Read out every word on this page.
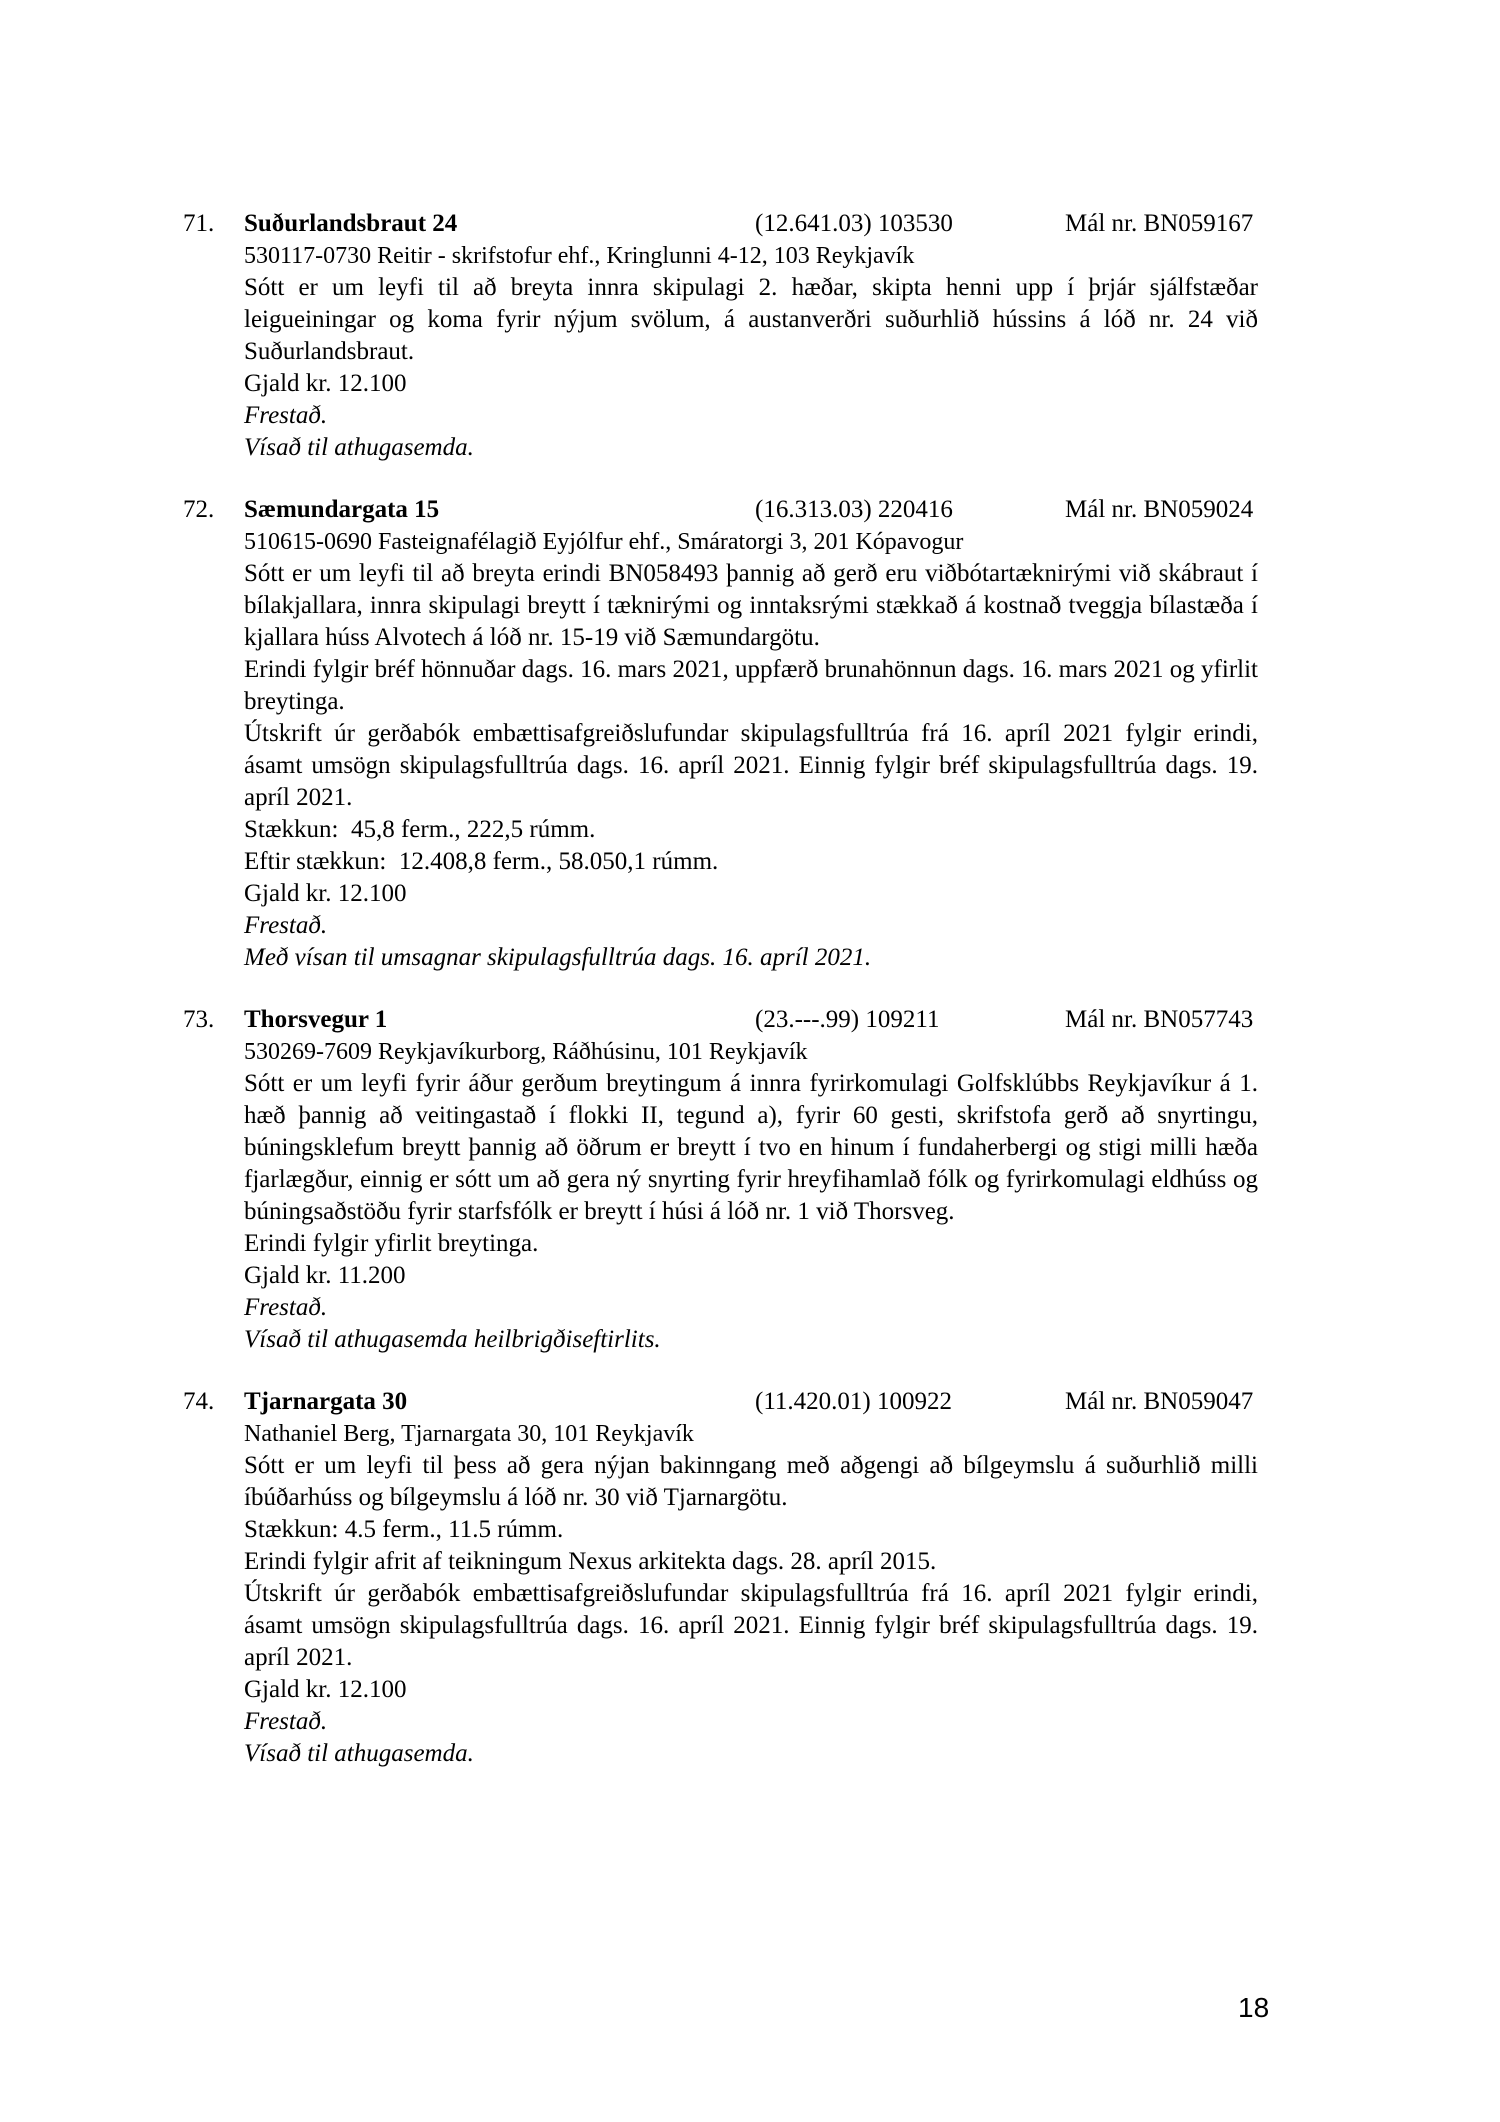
71.	Suðurlandsbraut 24	(12.641.03) 103530	Mál nr. BN059167
530117-0730 Reitir - skrifstofur ehf., Kringlunni 4-12, 103 Reykjavík

Sótt er um leyfi til að breyta innra skipulagi 2. hæðar, skipta henni upp í þrjár sjálfstæðar leigueiningar og koma fyrir nýjum svölum, á austanverðri suðurhlið hússins á lóð nr. 24 við Suðurlandsbraut.

Gjald kr. 12.100

Frestað.

Vísað til athugasemda.

72.	Sæmundargata 15	(16.313.03) 220416	Mál nr. BN059024
510615-0690 Fasteignafélagið Eyjólfur ehf., Smáratorgi 3, 201 Kópavogur

Sótt er um leyfi til að breyta erindi BN058493 þannig að gerð eru viðbótartæknirými við skábraut í bílakjallara, innra skipulagi breytt í tæknirými og inntaksrými stækkað á kostnað tveggja bílastæða í kjallara húss Alvotech á lóð nr. 15-19 við Sæmundargötu.

Erindi fylgir bréf hönnuðar dags. 16. mars 2021, uppfærð brunahönnun dags. 16. mars 2021 og yfirlit breytinga.

Útskrift úr gerðabók embættisafgreiðslufundar skipulagsfulltrúa frá 16. apríl 2021 fylgir erindi, ásamt umsögn skipulagsfulltrúa dags. 16. apríl 2021. Einnig fylgir bréf skipulagsfulltrúa dags. 19. apríl 2021.

Stækkun:  45,8 ferm., 222,5 rúmm.

Eftir stækkun:  12.408,8 ferm., 58.050,1 rúmm.

Gjald kr. 12.100

Frestað.

Með vísan til umsagnar skipulagsfulltrúa dags. 16. apríl 2021.

73.	Thorsvegur 1	(23.---.99) 109211	Mál nr. BN057743
530269-7609 Reykjavíkurborg, Ráðhúsinu, 101 Reykjavík

Sótt er um leyfi fyrir áður gerðum breytingum á innra fyrirkomulagi Golfsklúbbs Reykjavíkur á 1. hæð þannig að veitingastað í flokki II, tegund a), fyrir 60 gesti, skrifstofa gerð að snyrtingu, búningsklefum breytt þannig að öðrum er breytt í tvo en hinum í fundaherbergi og stigi milli hæða fjarlægður, einnig er sótt um að gera ný snyrting fyrir hreyfihamlað fólk og fyrirkomulagi eldhúss og búningsaðstöðu fyrir starfsfólk er breytt í húsi á lóð nr. 1 við Thorsveg.

Erindi fylgir yfirlit breytinga.

Gjald kr. 11.200

Frestað.

Vísað til athugasemda heilbrigðiseftirlits.

74.	Tjarnargata 30	(11.420.01) 100922	Mál nr. BN059047
Nathaniel Berg, Tjarnargata 30, 101 Reykjavík

Sótt er um leyfi til þess að gera nýjan bakinngang með aðgengi að bílgeymslu á suðurhlið milli íbúðarhúss og bílgeymslu á lóð nr. 30 við Tjarnargötu.

Stækkun: 4.5 ferm., 11.5 rúmm.

Erindi fylgir afrit af teikningum Nexus arkitekta dags. 28. apríl 2015.

Útskrift úr gerðabók embættisafgreiðslufundar skipulagsfulltrúa frá 16. apríl 2021 fylgir erindi, ásamt umsögn skipulagsfulltrúa dags. 16. apríl 2021. Einnig fylgir bréf skipulagsfulltrúa dags. 19. apríl 2021.

Gjald kr. 12.100

Frestað.

Vísað til athugasemda.

18
